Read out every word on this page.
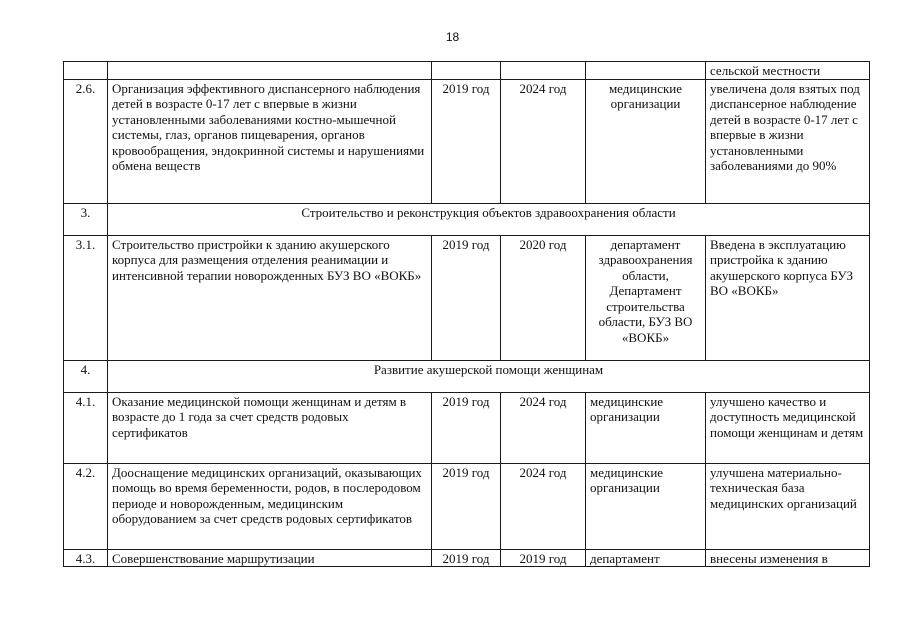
18
					сельской местности
2.6.	Организация эффективного диспансерного наблюдения детей в возрасте 0-17 лет с впервые в жизни установленными заболеваниями костно-мышечной системы, глаз, органов пищеварения, органов кровообращения, эндокринной системы и нарушениями обмена веществ	2019 год	2024 год	медицинские организации	увеличена доля взятых под диспансерное наблюдение детей в возрасте 0-17 лет с впервые в жизни установленными заболеваниями до 90%
3.	Строительство и реконструкция объектов здравоохранения области				
3.1.	Строительство пристройки к зданию акушерского корпуса для размещения отделения реанимации и интенсивной терапии новорожденных БУЗ ВО «ВОКБ»	2019 год	2020 год	департамент здравоохранения области, Департамент строительства области, БУЗ ВО «ВОКБ»	Введена в эксплуатацию пристройка к зданию акушерского корпуса БУЗ ВО «ВОКБ»
4.	Развитие акушерской помощи женщинам				
4.1.	Оказание медицинской помощи женщинам и детям в возрасте до 1 года за счет средств родовых сертификатов	2019 год	2024 год	медицинские организации	улучшено качество и доступность медицинской помощи женщинам и детям
4.2.	Дооснащение медицинских организаций, оказывающих помощь во время беременности, родов, в послеродовом периоде и новорожденным, медицинским оборудованием за счет средств родовых сертификатов	2019 год	2024 год	медицинские организации	улучшена материально-техническая база медицинских организаций
4.3.	Совершенствование маршрутизации	2019 год	2019 год	департамент	внесены изменения в
